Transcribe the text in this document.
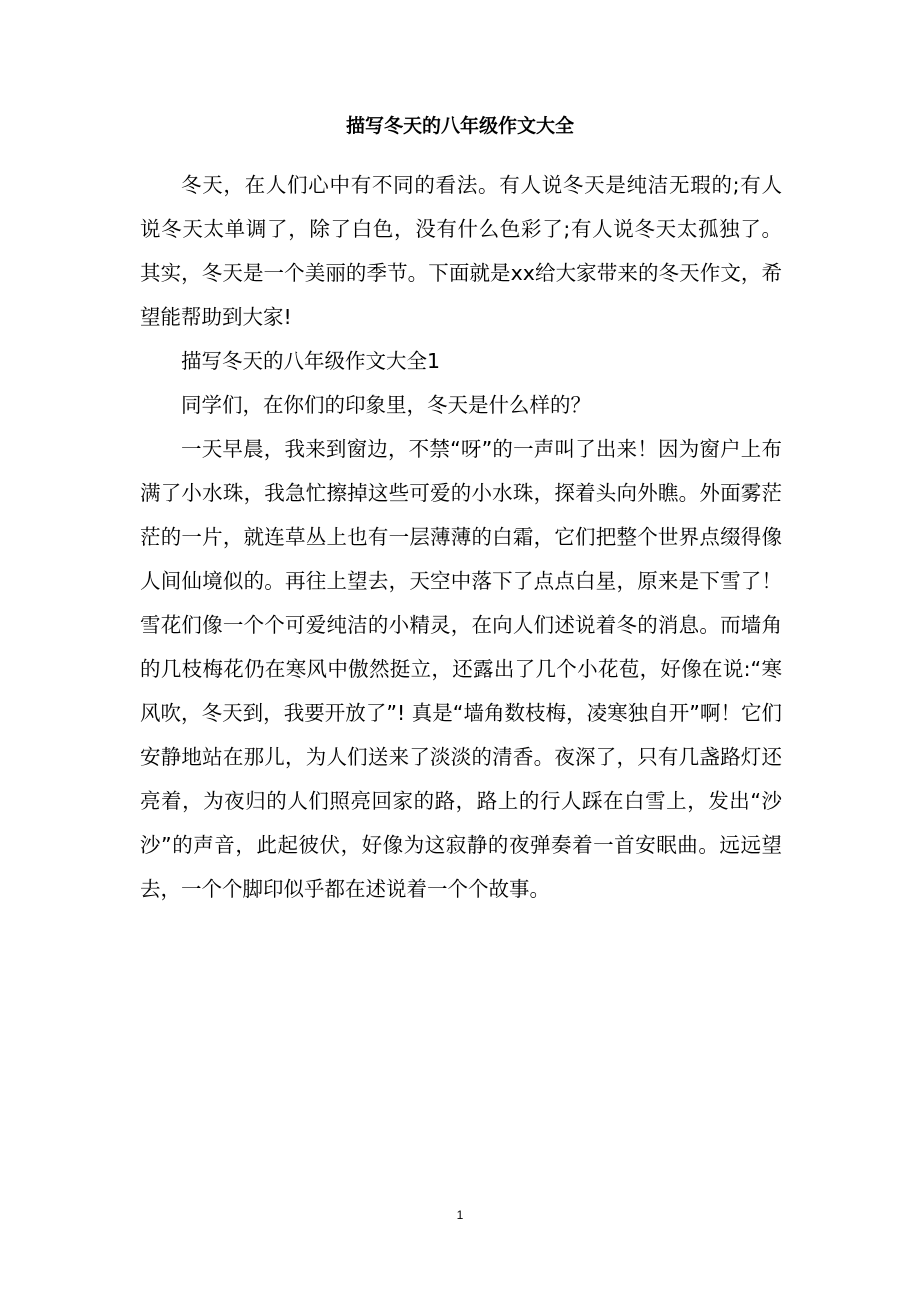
描写冬天的八年级作文大全

冬天，在人们心中有不同的看法。有人说冬天是纯洁无瑕的;有人说冬天太单调了，除了白色，没有什么色彩了;有人说冬天太孤独了。其实，冬天是一个美丽的季节。下面就是xx给大家带来的冬天作文，希望能帮助到大家!

描写冬天的八年级作文大全1

同学们，在你们的印象里，冬天是什么样的？

一天早晨，我来到窗边，不禁“呀”的一声叫了出来！因为窗户上布满了小水珠，我急忙擦掉这些可爱的小水珠，探着头向外瞧。外面雾茫茫的一片，就连草丛上也有一层薄薄的白霜，它们把整个世界点缀得像人间仙境似的。再往上望去，天空中落下了点点白星，原来是下雪了！雪花们像一个个可爱纯洁的小精灵，在向人们述说着冬的消息。而墙角的几枝梅花仍在寒风中傲然挺立，还露出了几个小花苞，好像在说:“寒风吹，冬天到，我要开放了”! 真是“墙角数枝梅，凌寒独自开”啊！它们安静地站在那儿，为人们送来了淡淡的清香。夜深了，只有几盏路灯还亮着，为夜归的人们照亮回家的路，路上的行人踩在白雪上，发出“沙沙”的声音，此起彼伏，好像为这寂静的夜弹奏着一首安眠曲。远远望去，一个个脚印似乎都在述说着一个个故事。

1
